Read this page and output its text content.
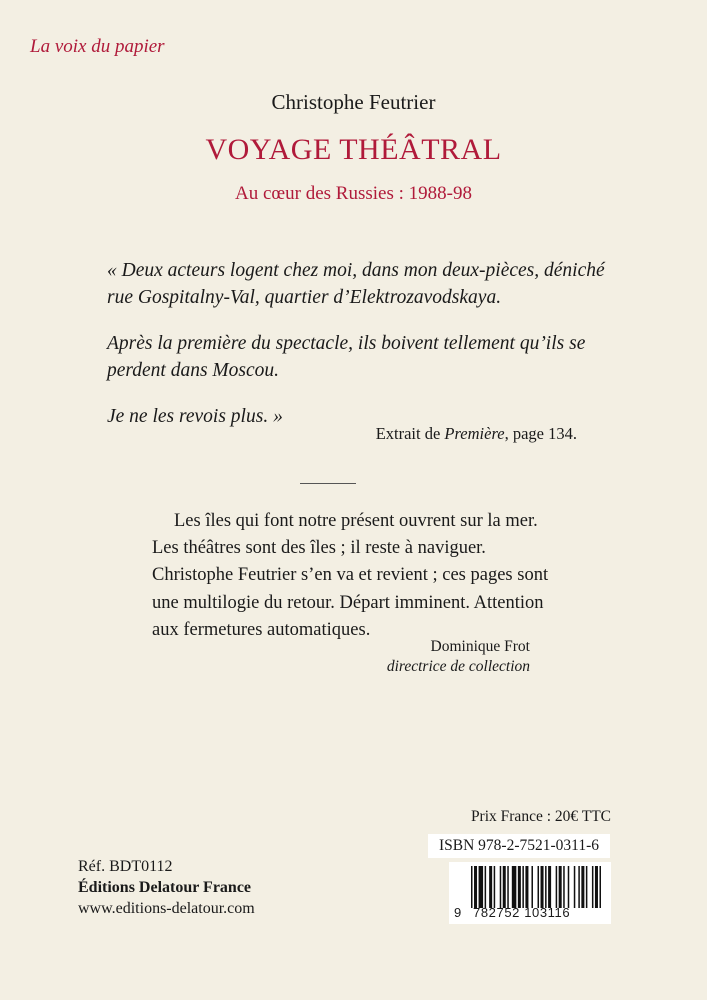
La voix du papier
Christophe Feutrier
VOYAGE THÉÂTRAL
Au cœur des Russies : 1988-98

« Deux acteurs logent chez moi, dans mon deux-pièces, déniché rue Gospitalny-Val, quartier d’Elektrozavodskaya.

Après la première du spectacle, ils boivent tellement qu’ils se perdent dans Moscou.

Je ne les revois plus. »

Extrait de Première, page 134.

Les îles qui font notre présent ouvrent sur la mer. Les théâtres sont des îles ; il reste à naviguer. Christophe Feutrier s’en va et revient ; ces pages sont une multilogie du retour. Départ imminent. Attention aux fermetures automatiques.

Dominique Frot
directrice de collection
Prix France : 20€ TTC
ISBN 978-2-7521-0311-6
9 782752 103116
Réf. BDT0112
Éditions Delatour France
www.editions-delatour.com
